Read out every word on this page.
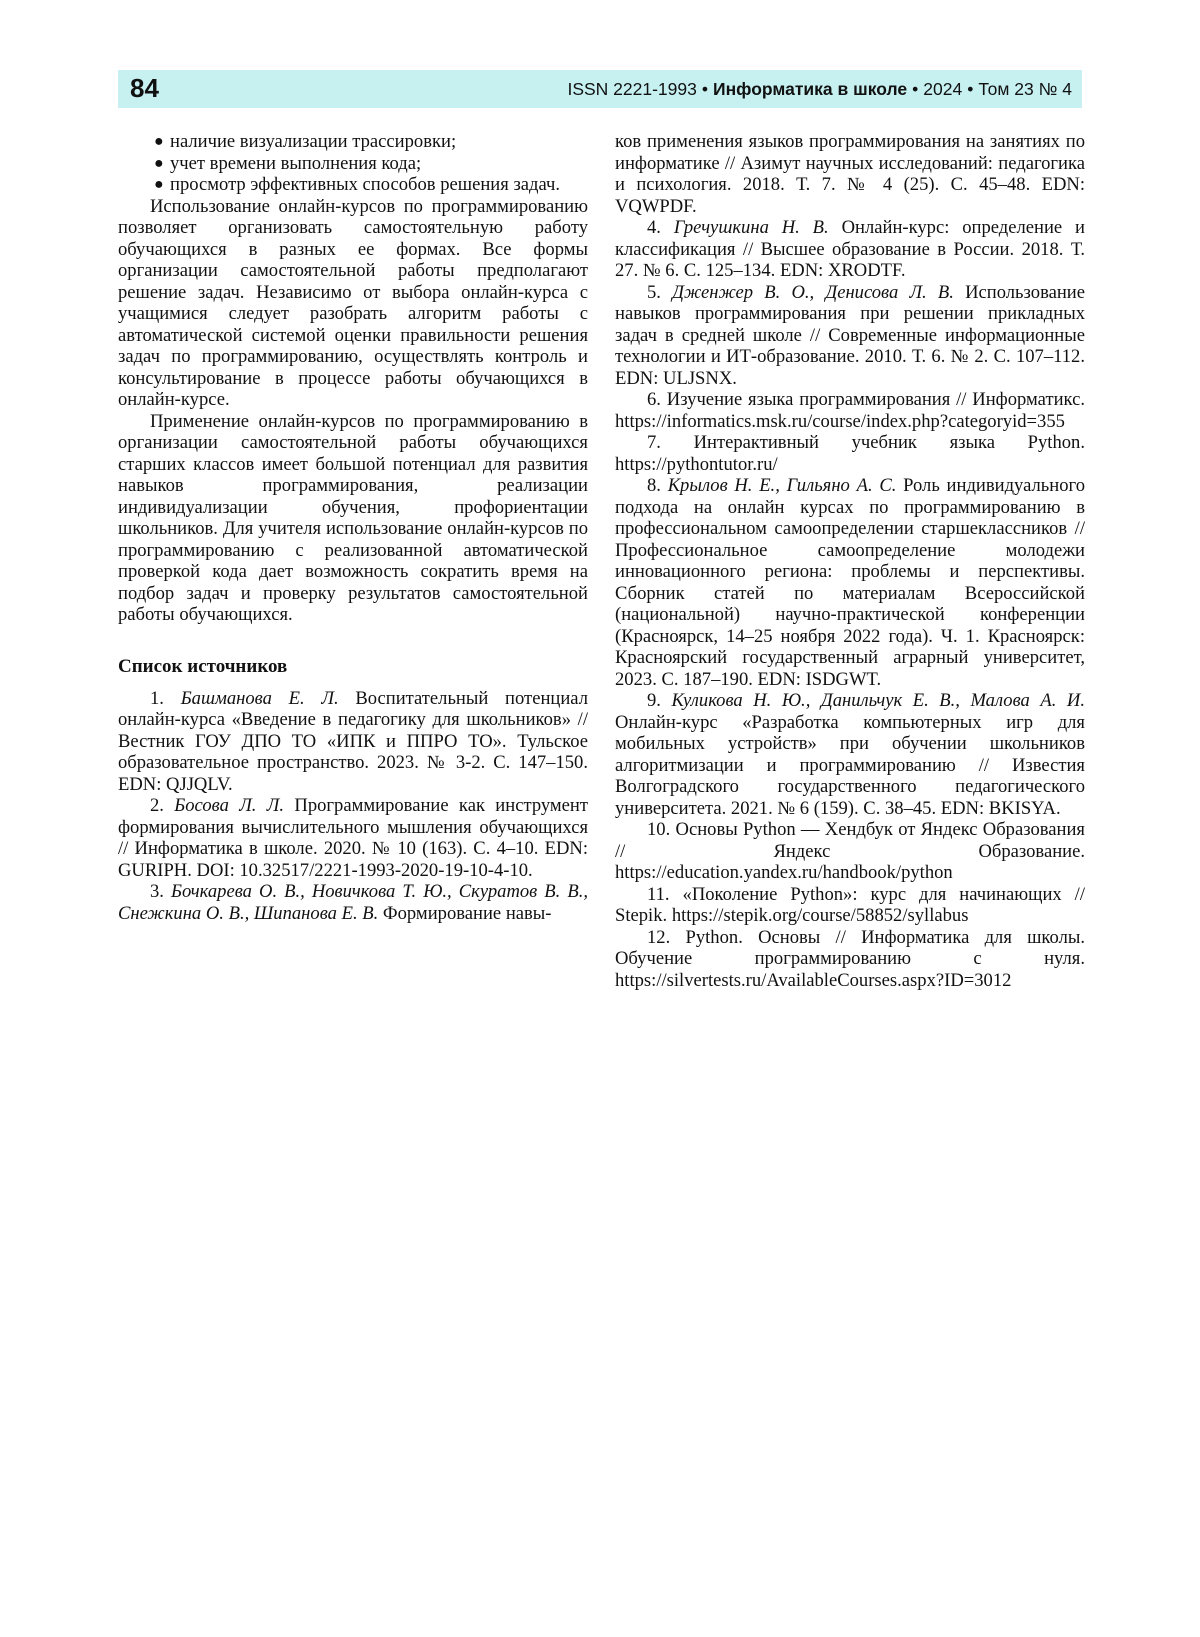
84	ISSN 2221-1993 • Информатика в школе • 2024 • Том 23 № 4
● наличие визуализации трассировки;
● учет времени выполнения кода;
● просмотр эффективных способов решения задач.

Использование онлайн-курсов по программированию позволяет организовать самостоятельную работу обучающихся в разных ее формах. Все формы организации самостоятельной работы предполагают решение задач. Независимо от выбора онлайн-курса с учащимися следует разобрать алгоритм работы с автоматической системой оценки правильности решения задач по программированию, осуществлять контроль и консультирование в процессе работы обучающихся в онлайн-курсе.

Применение онлайн-курсов по программированию в организации самостоятельной работы обучающихся старших классов имеет большой потенциал для развития навыков программирования, реализации индивидуализации обучения, профориентации школьников. Для учителя использование онлайн-курсов по программированию с реализованной автоматической проверкой кода дает возможность сократить время на подбор задач и проверку результатов самостоятельной работы обучающихся.

Список источников

1. Башманова Е. Л. Воспитательный потенциал онлайн-курса «Введение в педагогику для школьников» // Вестник ГОУ ДПО ТО «ИПК и ППРО ТО». Тульское образовательное пространство. 2023. № 3-2. С. 147–150. EDN: QJJQLV.

2. Босова Л. Л. Программирование как инструмент формирования вычислительного мышления обучающихся // Информатика в школе. 2020. № 10 (163). С. 4–10. EDN: GURIPH. DOI: 10.32517/2221-1993-2020-19-10-4-10.

3. Бочкарева О. В., Новичкова Т. Ю., Скуратов В. В., Снежкина О. В., Шипанова Е. В. Формирование навы-

ков применения языков программирования на занятиях по информатике // Азимут научных исследований: педагогика и психология. 2018. Т. 7. № 4 (25). С. 45–48. EDN: VQWPDF.

4. Гречушкина Н. В. Онлайн-курс: определение и классификация // Высшее образование в России. 2018. Т. 27. № 6. С. 125–134. EDN: XRODTF.

5. Дженжер В. О., Денисова Л. В. Использование навыков программирования при решении прикладных задач в средней школе // Современные информационные технологии и ИТ-образование. 2010. Т. 6. № 2. С. 107–112. EDN: ULJSNX.

6. Изучение языка программирования // Информатикс. https://informatics.msk.ru/course/index.php?categoryid=355

7. Интерактивный учебник языка Python. https://pythontutor.ru/

8. Крылов Н. Е., Гильяно А. С. Роль индивидуального подхода на онлайн курсах по программированию в профессиональном самоопределении старшеклассников // Профессиональное самоопределение молодежи инновационного региона: проблемы и перспективы. Сборник статей по материалам Всероссийской (национальной) научно-практической конференции (Красноярск, 14–25 ноября 2022 года). Ч. 1. Красноярск: Красноярский государственный аграрный университет, 2023. С. 187–190. EDN: ISDGWT.

9. Куликова Н. Ю., Данильчук Е. В., Малова А. И. Онлайн-курс «Разработка компьютерных игр для мобильных устройств» при обучении школьников алгоритмизации и программированию // Известия Волгоградского государственного педагогического университета. 2021. № 6 (159). С. 38–45. EDN: BKISYA.

10. Основы Python — Хендбук от Яндекс Образования // Яндекс Образование. https://education.yandex.ru/handbook/python

11. «Поколение Python»: курс для начинающих // Stepik. https://stepik.org/course/58852/syllabus

12. Python. Основы // Информатика для школы. Обучение программированию с нуля. https://silvertests.ru/AvailableCourses.aspx?ID=3012
